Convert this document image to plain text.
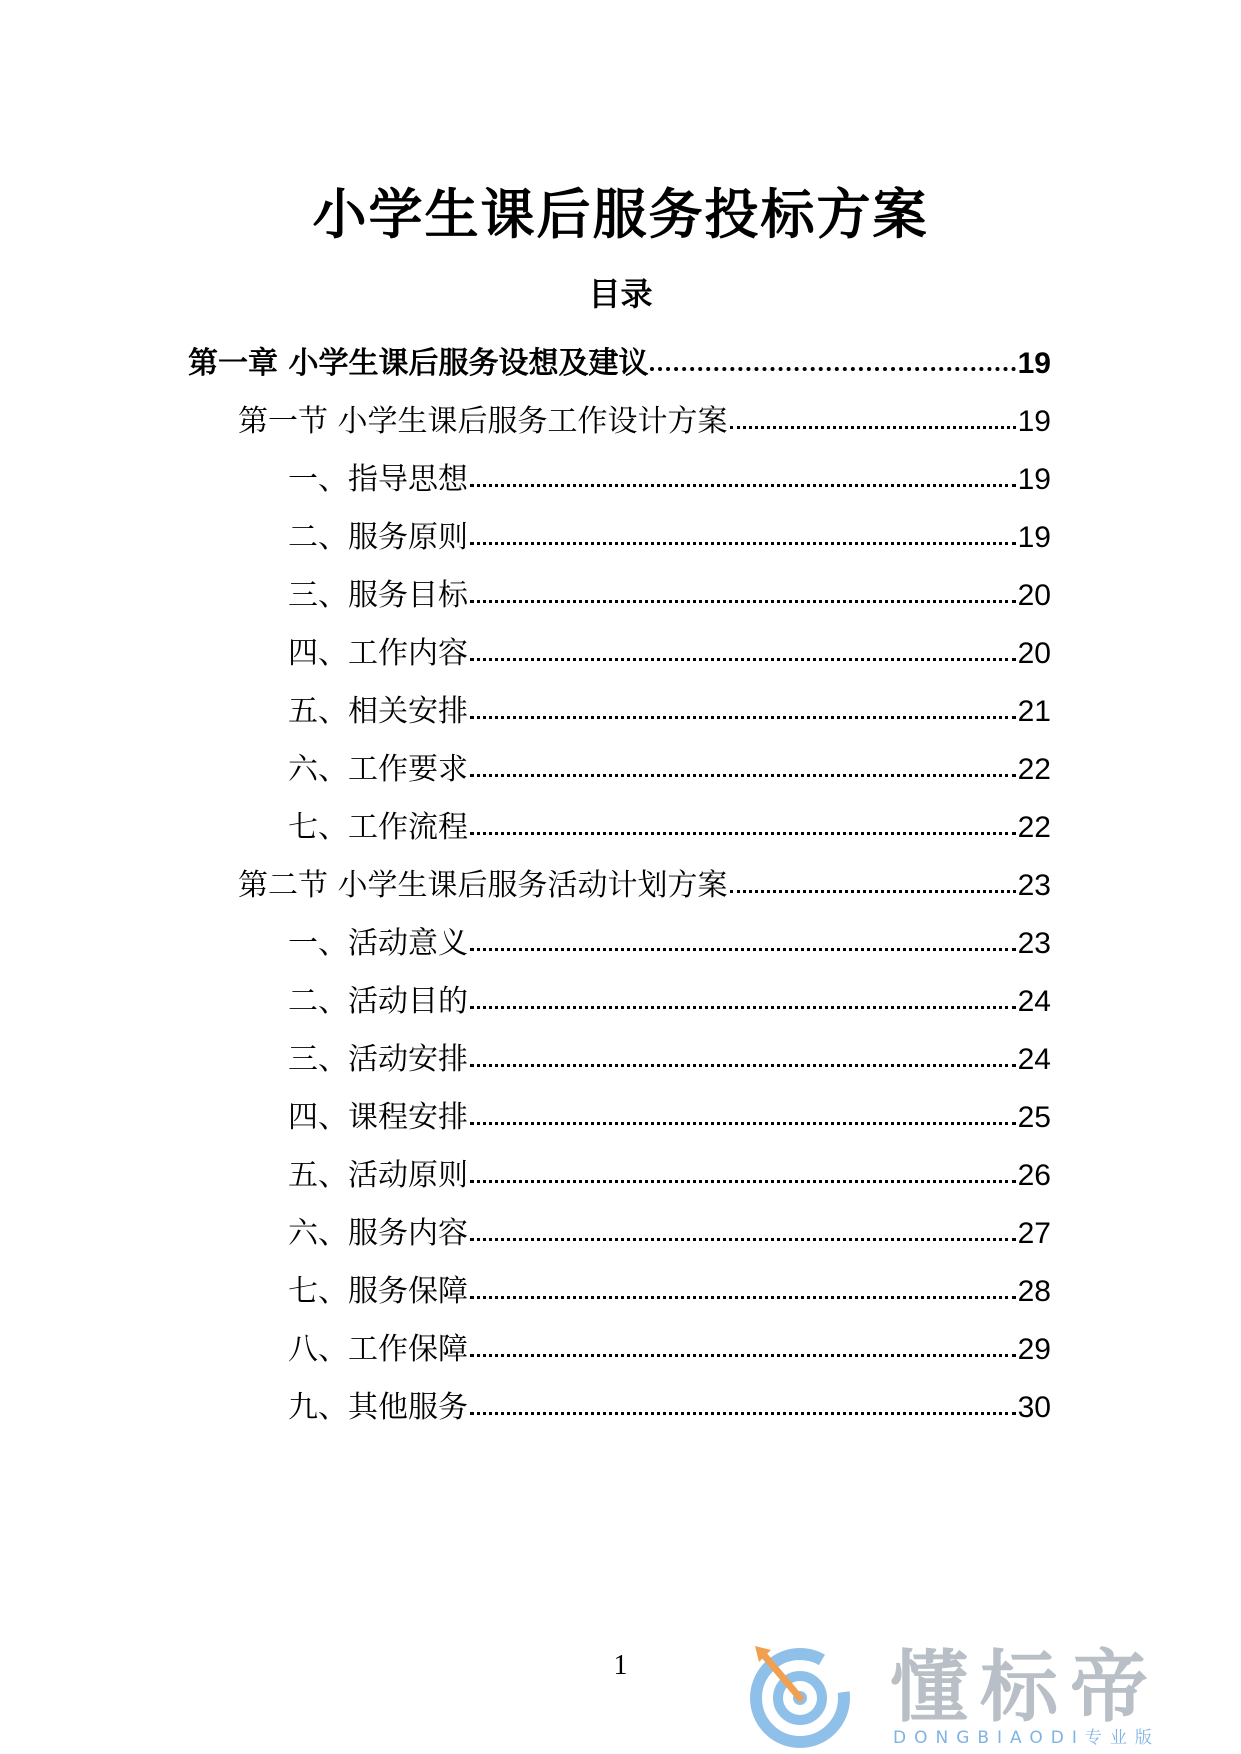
小学生课后服务投标方案
目录
第一章 小学生课后服务设想及建议	19
第一节 小学生课后服务工作设计方案	19
一、指导思想	19
二、服务原则	19
三、服务目标	20
四、工作内容	20
五、相关安排	21
六、工作要求	22
七、工作流程	22
第二节 小学生课后服务活动计划方案	23
一、活动意义	23
二、活动目的	24
三、活动安排	24
四、课程安排	25
五、活动原则	26
六、服务内容	27
七、服务保障	28
八、工作保障	29
九、其他服务	30
1	懂标帝
DONGBIAODI专业版
